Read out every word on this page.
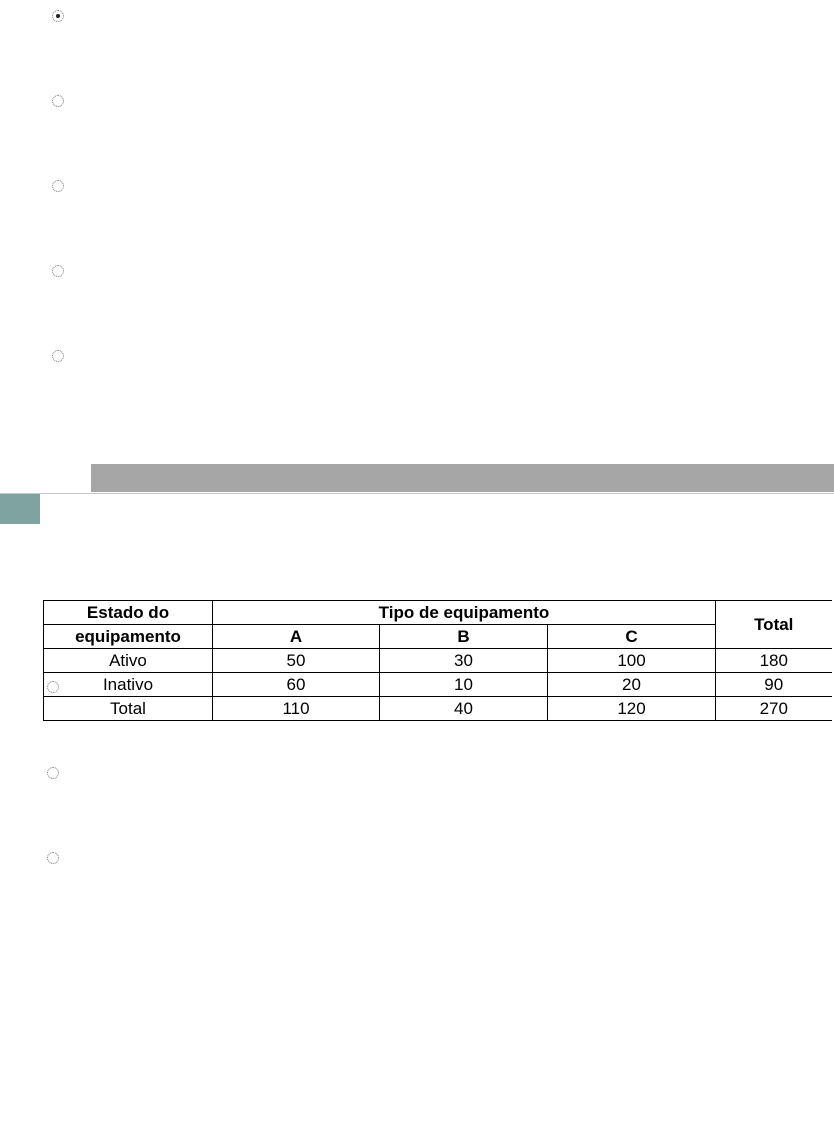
Estado do	Tipo de equipamento			Total
equipamento	A	B	C	
Ativo	50	30	100	180
Inativo	60	10	20	90
Total	110	40	120	270
